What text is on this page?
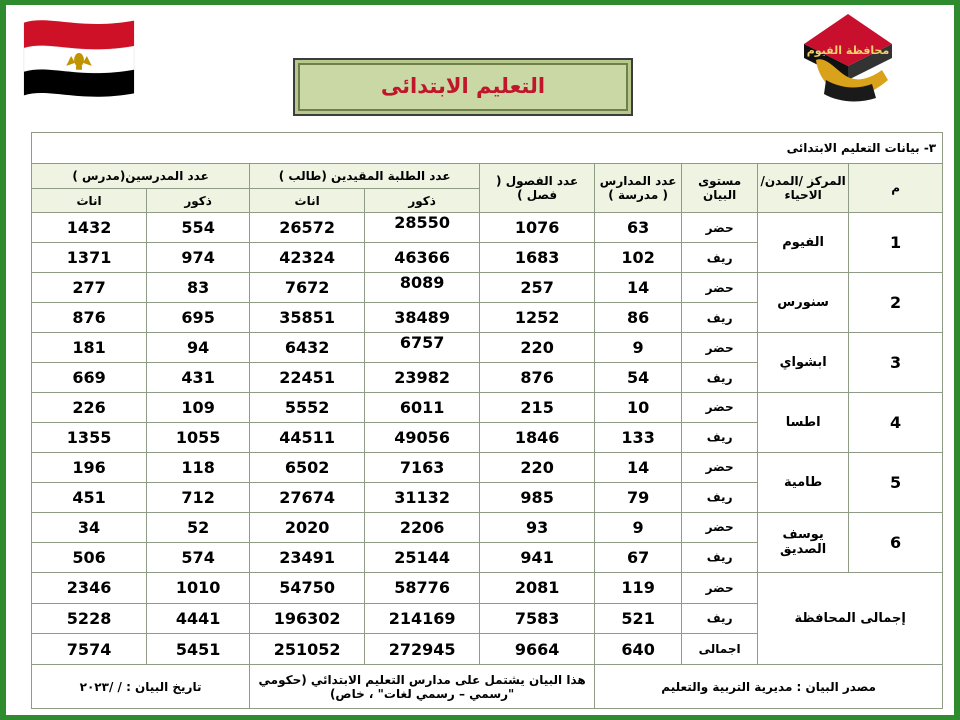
محافظة الفيوم
التعليم الابتدائى
٣- بيانات التعليم الابتدائى								
م	المركز /المدن/الاحياء	مستوى البيان	عدد المدارس ( مدرسة )	عدد الفصول ( فصل )	عدد الطلبة المقيدين (طالب )		عدد المدرسين(مدرس )	
					ذكور	اناث	ذكور	اناث
1	الفيوم	حضر	63	1076	28550	26572	554	1432
		ريف	102	1683	46366	42324	974	1371
2	سنورس	حضر	14	257	8089	7672	83	277
		ريف	86	1252	38489	35851	695	876
3	ابشواي	حضر	9	220	6757	6432	94	181
		ريف	54	876	23982	22451	431	669
4	اطسا	حضر	10	215	6011	5552	109	226
		ريف	133	1846	49056	44511	1055	1355
5	طامية	حضر	14	220	7163	6502	118	196
		ريف	79	985	31132	27674	712	451
6	يوسف الصديق	حضر	9	93	2206	2020	52	34
		ريف	67	941	25144	23491	574	506
إجمالى المحافظة		حضر	119	2081	58776	54750	1010	2346
		ريف	521	7583	214169	196302	4441	5228
		اجمالى	640	9664	272945	251052	5451	7574
مصدر البيان : مديرية التربية والتعليم				هذا البيان يشتمل على مدارس التعليم الابتدائي (حكومي "رسمي – رسمي لغات" ، خاص)			تاريخ البيان : / /٢٠٢٣	
